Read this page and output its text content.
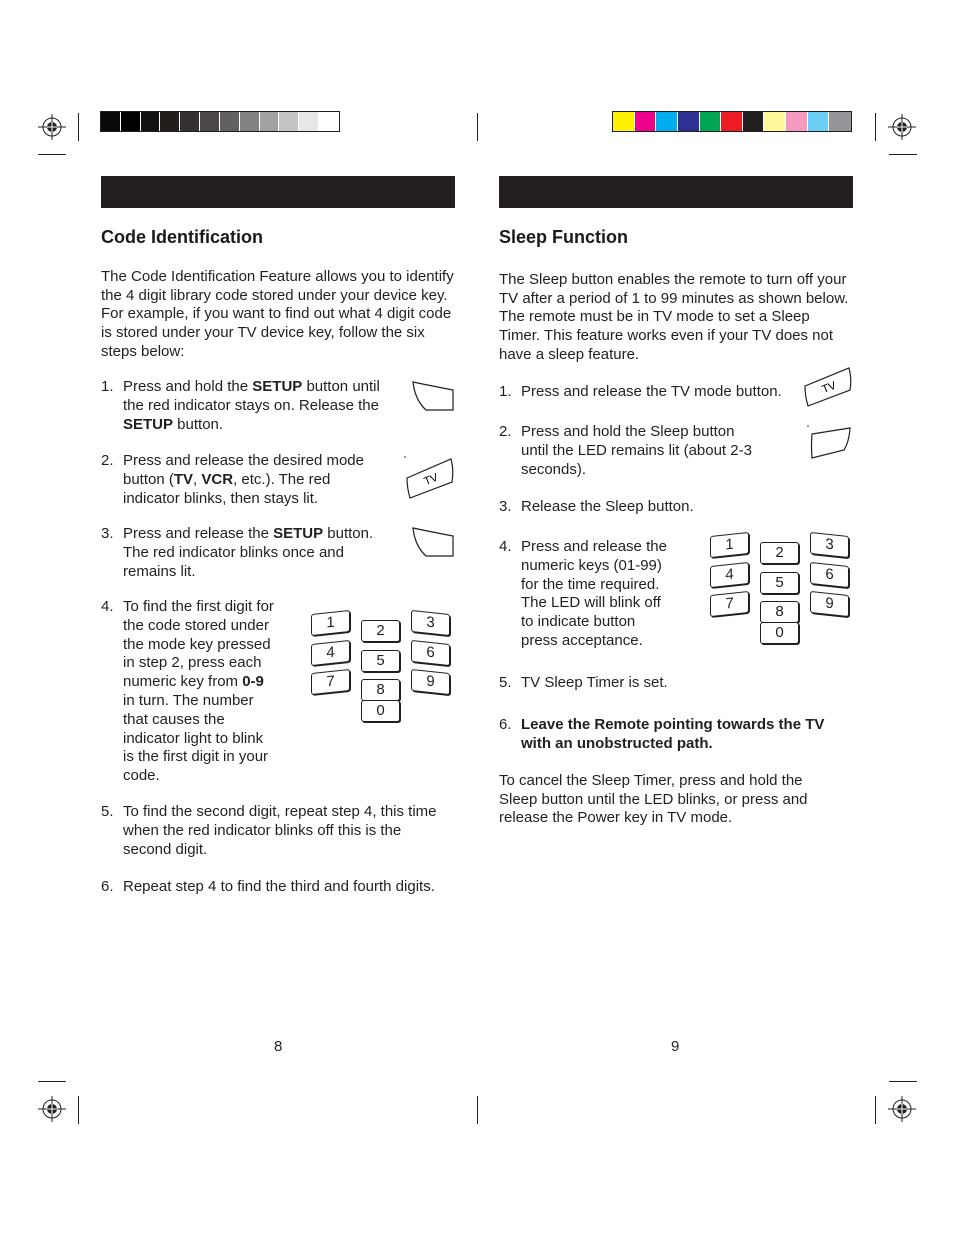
Code Identification
The Code Identification Feature allows you to identify the 4 digit library code stored under your device key. For example, if you want to find out what 4 digit code is stored under your TV device key, follow the six steps below:
1. Press and hold the SETUP button until
the red indicator stays on. Release the
SETUP button.
2. Press and release the desired mode
button (TV, VCR, etc.). The red
indicator blinks, then stays lit.
3. Press and release the SETUP button.
The red indicator blinks once and
remains lit.
4. To find the first digit for
the code stored under
the mode key pressed
in step 2, press each
numeric key from 0-9
in turn. The number
that causes the
indicator light to blink
is the first digit in your
code.
5. To find the second digit, repeat step 4, this time
when the red indicator blinks off this is the
second digit.
6. Repeat step 4 to find the third and fourth digits.
TV
1	2	3
4	5	6
7	8	9
0
8
Sleep Function
The Sleep button enables the remote to turn off your TV after a period of 1 to 99 minutes as shown below. The remote must be in TV mode to set a Sleep Timer. This feature works even if your TV does not have a sleep feature.
1. Press and release the TV mode button.
2. Press and hold the Sleep button
until the LED remains lit (about 2-3
seconds).
3. Release the Sleep button.
4. Press and release the
numeric keys (01-99)
for the time required.
The LED will blink off
to indicate button
press acceptance.
5. TV Sleep Timer is set.
6. Leave the Remote pointing towards the TV
with an unobstructed path.
TV
1	2	3
4	5	6
7	8	9
0
To cancel the Sleep Timer, press and hold the Sleep button until the LED blinks, or press and release the Power key in TV mode.
9
